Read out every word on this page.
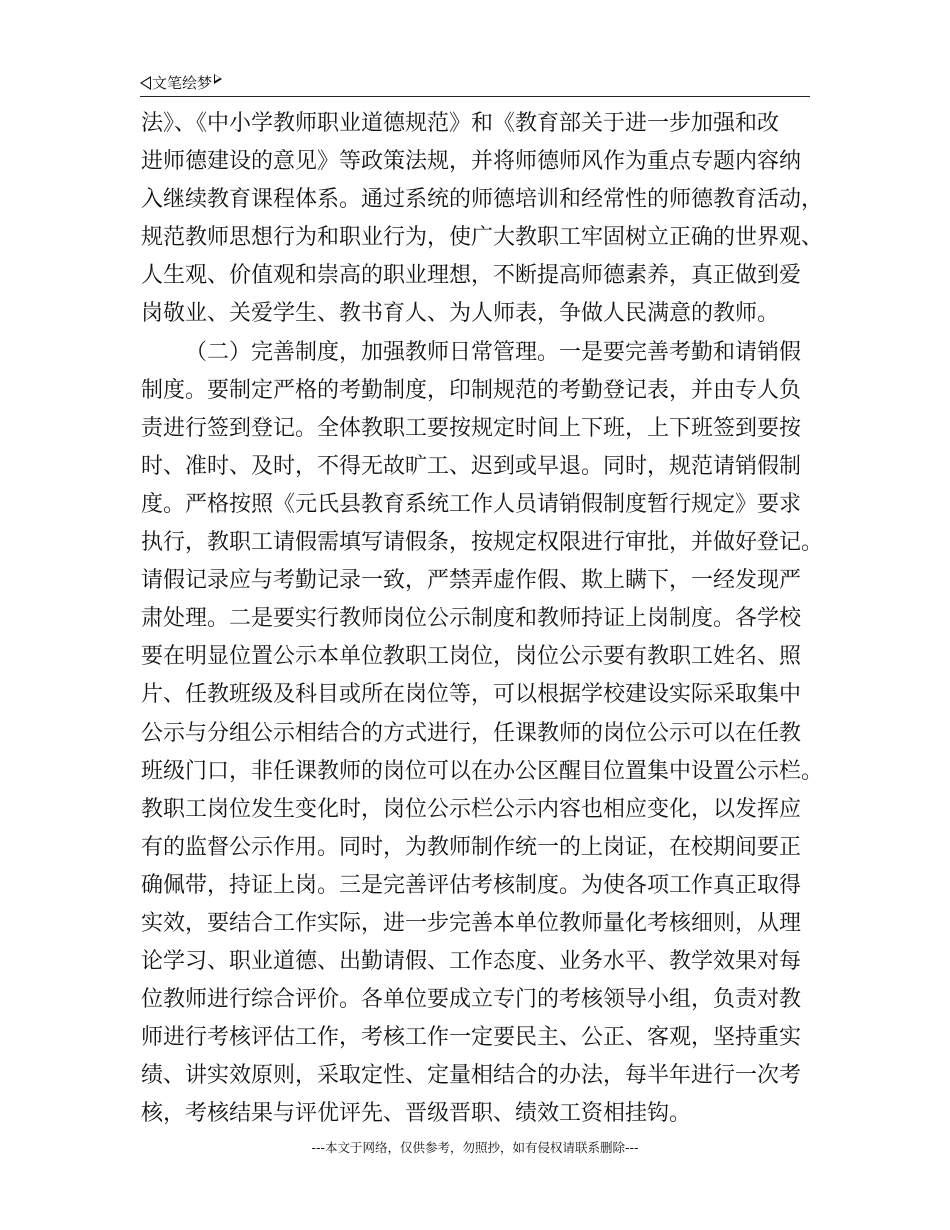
文笔绘梦
法》、《中小学教师职业道德规范》和《教育部关于进一步加强和改
进师德建设的意见》等政策法规，并将师德师风作为重点专题内容纳
入继续教育课程体系。通过系统的师德培训和经常性的师德教育活动，
规范教师思想行为和职业行为，使广大教职工牢固树立正确的世界观、
人生观、价值观和崇高的职业理想，不断提高师德素养，真正做到爱
岗敬业、关爱学生、教书育人、为人师表，争做人民满意的教师。
（二）完善制度，加强教师日常管理。一是要完善考勤和请销假
制度。要制定严格的考勤制度，印制规范的考勤登记表，并由专人负
责进行签到登记。全体教职工要按规定时间上下班，上下班签到要按
时、准时、及时，不得无故旷工、迟到或早退。同时，规范请销假制
度。严格按照《元氏县教育系统工作人员请销假制度暂行规定》要求
执行，教职工请假需填写请假条，按规定权限进行审批，并做好登记。
请假记录应与考勤记录一致，严禁弄虚作假、欺上瞒下，一经发现严
肃处理。二是要实行教师岗位公示制度和教师持证上岗制度。各学校
要在明显位置公示本单位教职工岗位，岗位公示要有教职工姓名、照
片、任教班级及科目或所在岗位等，可以根据学校建设实际采取集中
公示与分组公示相结合的方式进行，任课教师的岗位公示可以在任教
班级门口，非任课教师的岗位可以在办公区醒目位置集中设置公示栏。
教职工岗位发生变化时，岗位公示栏公示内容也相应变化，以发挥应
有的监督公示作用。同时，为教师制作统一的上岗证，在校期间要正
确佩带，持证上岗。三是完善评估考核制度。为使各项工作真正取得
实效，要结合工作实际，进一步完善本单位教师量化考核细则，从理
论学习、职业道德、出勤请假、工作态度、业务水平、教学效果对每
位教师进行综合评价。各单位要成立专门的考核领导小组，负责对教
师进行考核评估工作，考核工作一定要民主、公正、客观，坚持重实
绩、讲实效原则，采取定性、定量相结合的办法，每半年进行一次考
核，考核结果与评优评先、晋级晋职、绩效工资相挂钩。
---本文于网络，仅供参考，勿照抄，如有侵权请联系删除---
